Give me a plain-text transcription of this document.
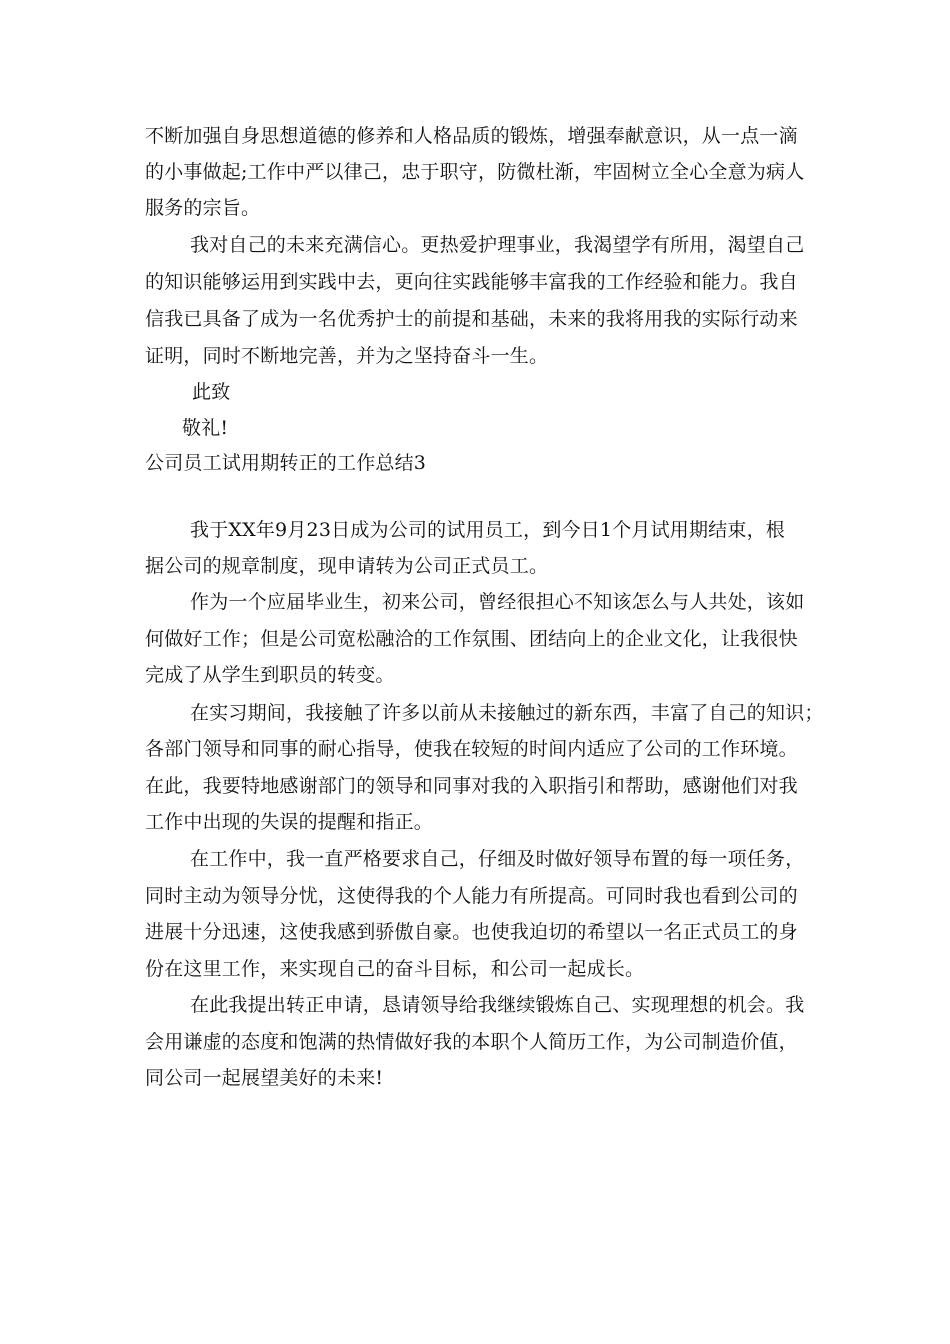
不断加强自身思想道德的修养和人格品质的锻炼，增强奉献意识，从一点一滴
的小事做起;工作中严以律己，忠于职守，防微杜渐，牢固树立全心全意为病人
服务的宗旨。
我对自己的未来充满信心。更热爱护理事业，我渴望学有所用，渴望自己
的知识能够运用到实践中去，更向往实践能够丰富我的工作经验和能力。我自
信我已具备了成为一名优秀护士的前提和基础，未来的我将用我的实际行动来
证明，同时不断地完善，并为之坚持奋斗一生。
此致
敬礼!
公司员工试用期转正的工作总结3
我于XX年9月23日成为公司的试用员工，到今日1个月试用期结束，根
据公司的规章制度，现申请转为公司正式员工。
作为一个应届毕业生，初来公司，曾经很担心不知该怎么与人共处，该如
何做好工作；但是公司宽松融洽的工作氛围、团结向上的企业文化，让我很快
完成了从学生到职员的转变。
在实习期间，我接触了许多以前从未接触过的新东西，丰富了自己的知识；
各部门领导和同事的耐心指导，使我在较短的时间内适应了公司的工作环境。
在此，我要特地感谢部门的领导和同事对我的入职指引和帮助，感谢他们对我
工作中出现的失误的提醒和指正。
在工作中，我一直严格要求自己，仔细及时做好领导布置的每一项任务，
同时主动为领导分忧，这使得我的个人能力有所提高。可同时我也看到公司的
进展十分迅速，这使我感到骄傲自豪。也使我迫切的希望以一名正式员工的身
份在这里工作，来实现自己的奋斗目标，和公司一起成长。
在此我提出转正申请，恳请领导给我继续锻炼自己、实现理想的机会。我
会用谦虚的态度和饱满的热情做好我的本职个人简历工作，为公司制造价值，
同公司一起展望美好的未来!
